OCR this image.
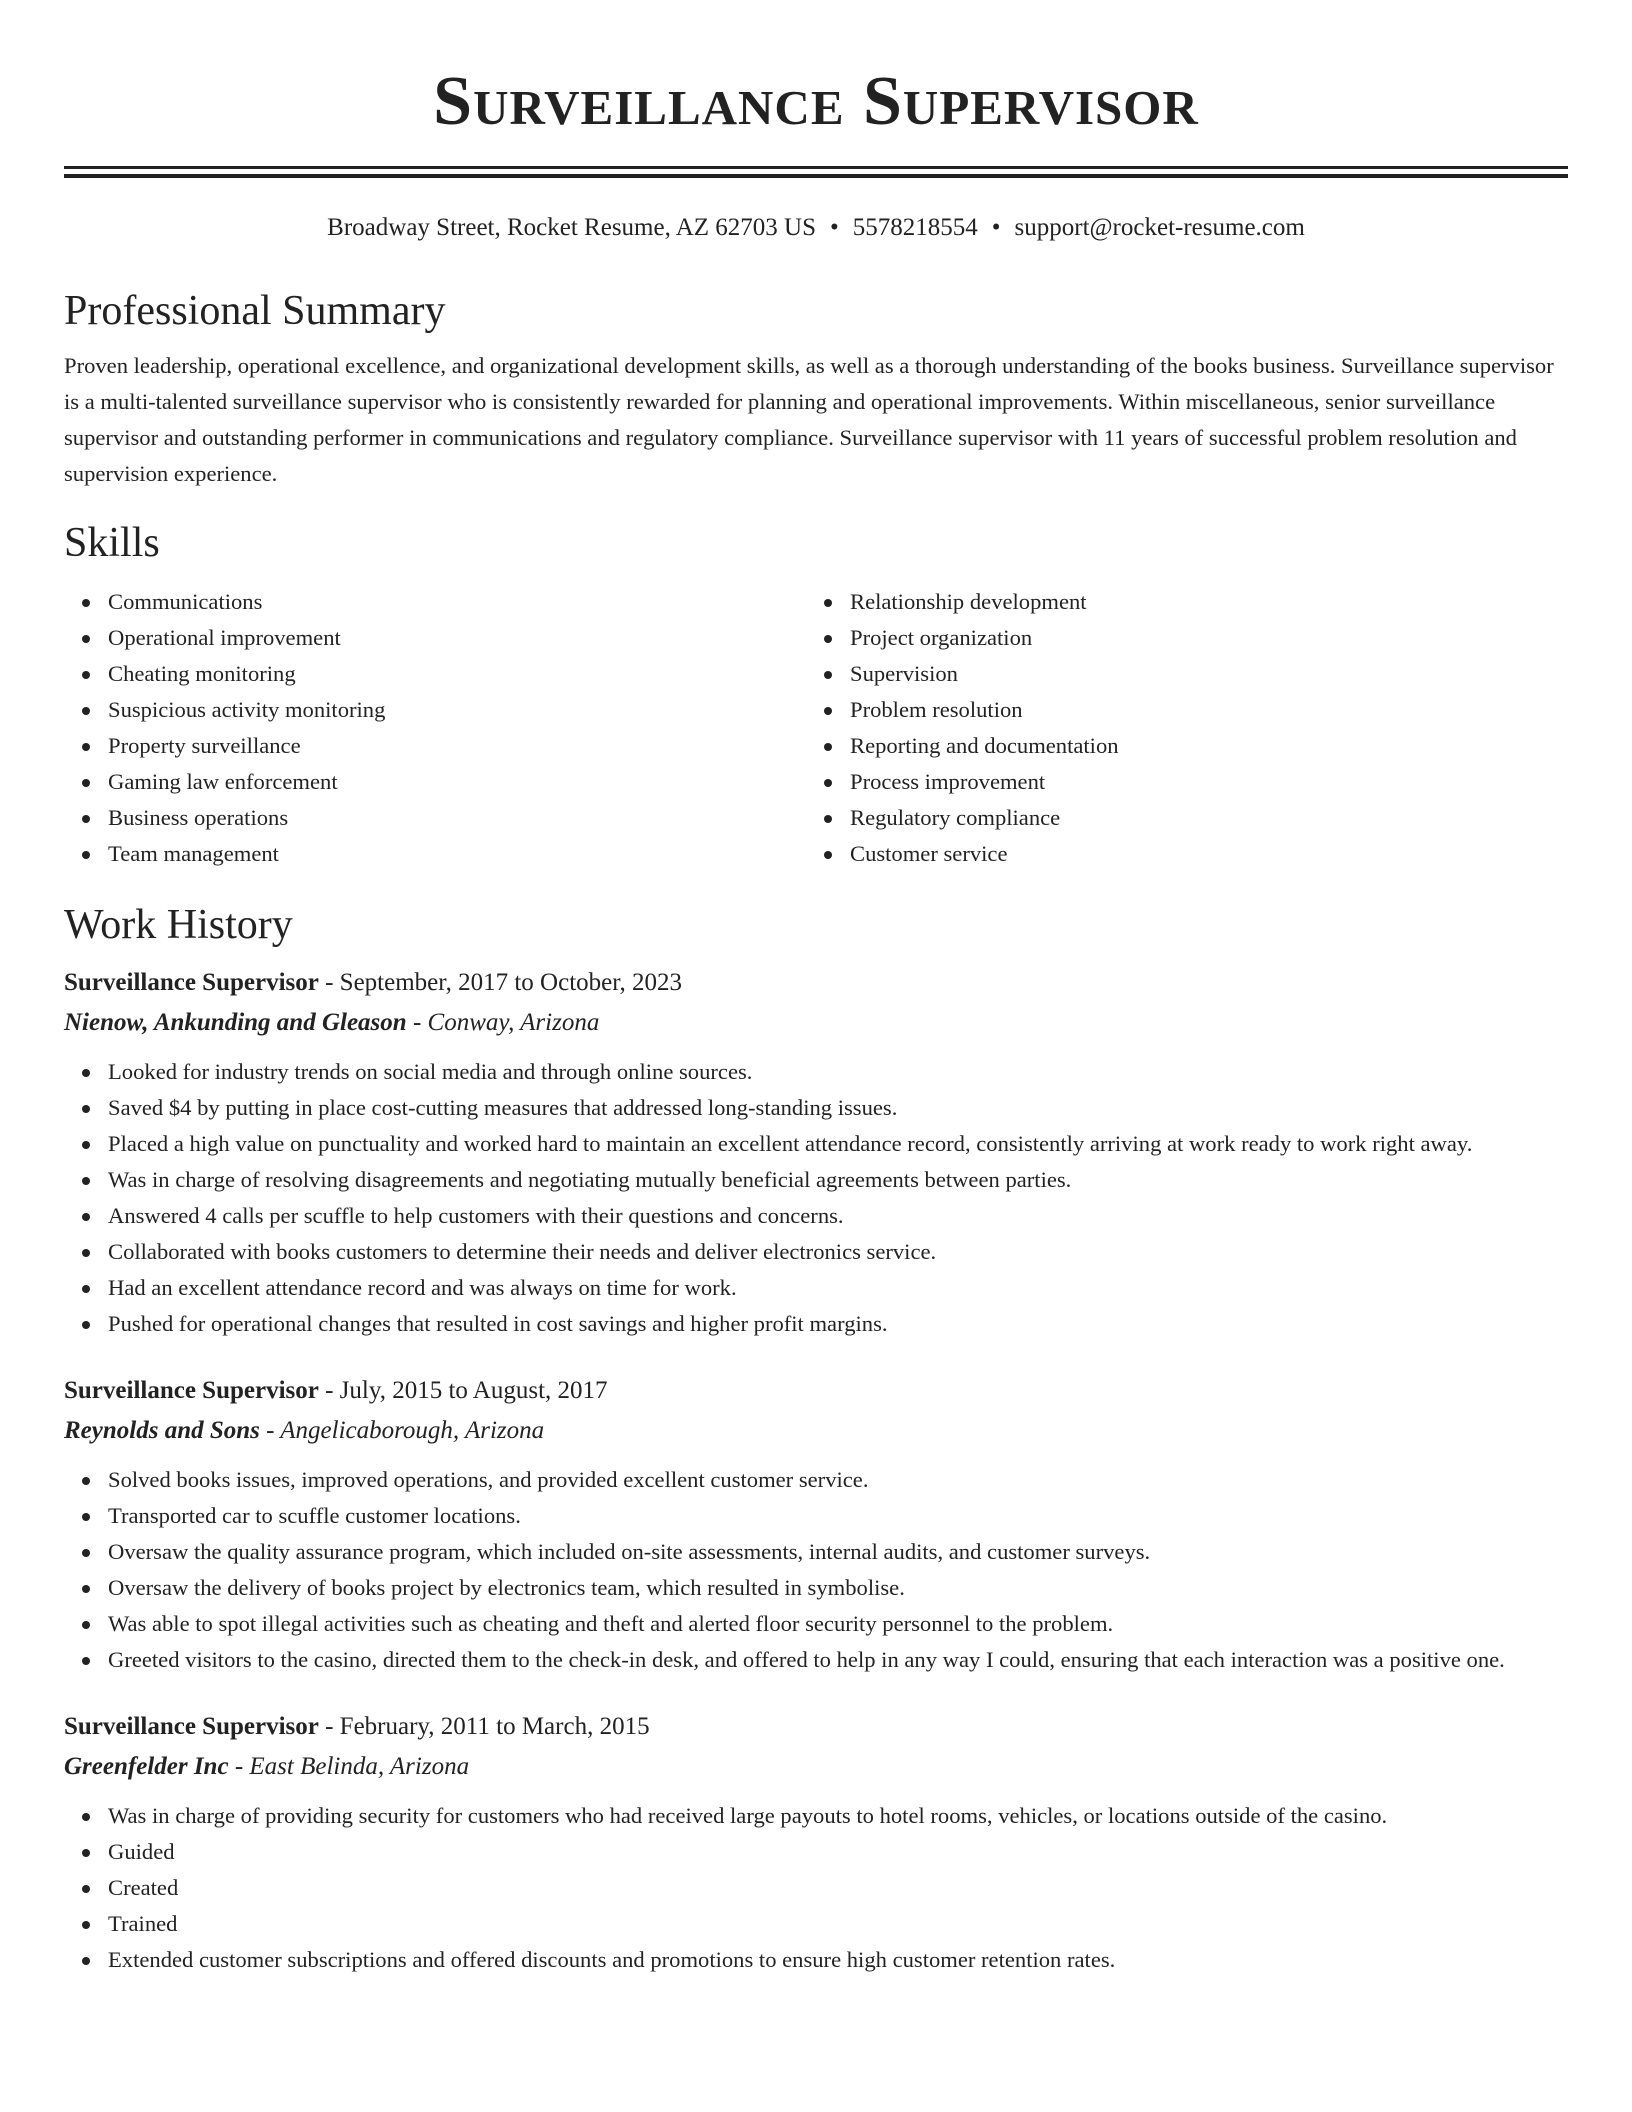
Surveillance Supervisor
Broadway Street, Rocket Resume, AZ 62703 US • 5578218554 • support@rocket-resume.com
Professional Summary

Proven leadership, operational excellence, and organizational development skills, as well as a thorough understanding of the books business. Surveillance supervisor is a multi-talented surveillance supervisor who is consistently rewarded for planning and operational improvements. Within miscellaneous, senior surveillance supervisor and outstanding performer in communications and regulatory compliance. Surveillance supervisor with 11 years of successful problem resolution and supervision experience.

Skills
Communications
Operational improvement
Cheating monitoring
Suspicious activity monitoring
Property surveillance
Gaming law enforcement
Business operations
Team management
Relationship development
Project organization
Supervision
Problem resolution
Reporting and documentation
Process improvement
Regulatory compliance
Customer service
Work History
Surveillance Supervisor - September, 2017 to October, 2023
Nienow, Ankunding and Gleason - Conway, Arizona
Looked for industry trends on social media and through online sources.
Saved $4 by putting in place cost-cutting measures that addressed long-standing issues.
Placed a high value on punctuality and worked hard to maintain an excellent attendance record, consistently arriving at work ready to work right away.
Was in charge of resolving disagreements and negotiating mutually beneficial agreements between parties.
Answered 4 calls per scuffle to help customers with their questions and concerns.
Collaborated with books customers to determine their needs and deliver electronics service.
Had an excellent attendance record and was always on time for work.
Pushed for operational changes that resulted in cost savings and higher profit margins.
Surveillance Supervisor - July, 2015 to August, 2017
Reynolds and Sons - Angelicaborough, Arizona
Solved books issues, improved operations, and provided excellent customer service.
Transported car to scuffle customer locations.
Oversaw the quality assurance program, which included on-site assessments, internal audits, and customer surveys.
Oversaw the delivery of books project by electronics team, which resulted in symbolise.
Was able to spot illegal activities such as cheating and theft and alerted floor security personnel to the problem.
Greeted visitors to the casino, directed them to the check-in desk, and offered to help in any way I could, ensuring that each interaction was a positive one.
Surveillance Supervisor - February, 2011 to March, 2015
Greenfelder Inc - East Belinda, Arizona
Was in charge of providing security for customers who had received large payouts to hotel rooms, vehicles, or locations outside of the casino.
Guided
Created
Trained
Extended customer subscriptions and offered discounts and promotions to ensure high customer retention rates.
